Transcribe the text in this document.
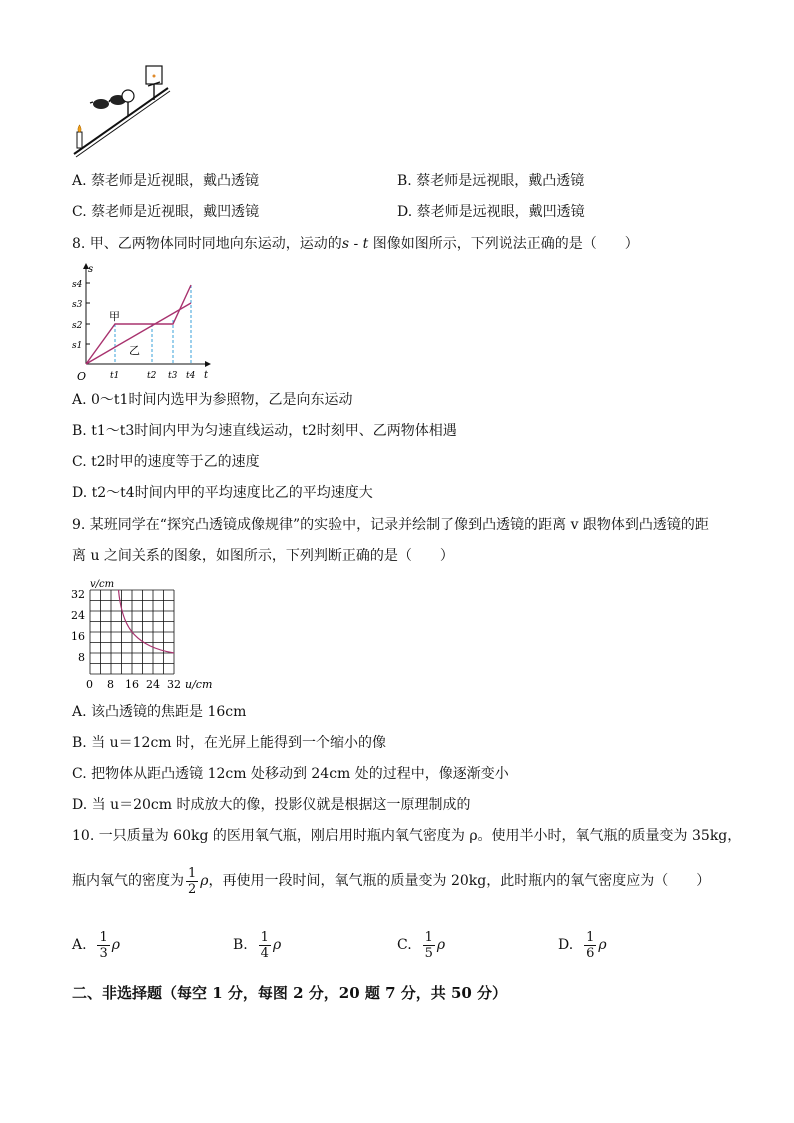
A. 蔡老师是近视眼，戴凸透镜	B. 蔡老师是远视眼，戴凸透镜
C. 蔡老师是近视眼，戴凹透镜	D. 蔡老师是远视眼，戴凹透镜
8. 甲、乙两物体同时同地向东运动，运动的s - t 图像如图所示，下列说法正确的是（　　）
s
t
O
s4
s3
s2
s1
甲
乙
t1	t2 t3 t4
A. 0～t1时间内选甲为参照物，乙是向东运动
B. t1～t3时间内甲为匀速直线运动，t2时刻甲、乙两物体相遇
C. t2时甲的速度等于乙的速度
D. t2～t4时间内甲的平均速度比乙的平均速度大
9. 某班同学在“探究凸透镜成像规律”的实验中，记录并绘制了像到凸透镜的距离 v 跟物体到凸透镜的距
离 u 之间关系的图象，如图所示，下列判断正确的是（　　）
v/cm
32
24
16
8
0 8 16 24 32 u/cm
A. 该凸透镜的焦距是 16cm
B. 当 u＝12cm 时，在光屏上能得到一个缩小的像
C. 把物体从距凸透镜 12cm 处移动到 24cm 处的过程中，像逐渐变小
D. 当 u＝20cm 时成放大的像，投影仪就是根据这一原理制成的
10. 一只质量为 60kg 的医用氧气瓶，刚启用时瓶内氧气密度为 ρ。使用半小时，氧气瓶的质量变为 35kg，
瓶内氧气的密度为 $\frac{1}{2}$ ρ，再使用一段时间，氧气瓶的质量变为 20kg，此时瓶内的氧气密度应为（　　）
A. $\frac{1}{3}$ ρ	B. $\frac{1}{4}$ ρ	C. $\frac{1}{5}$ ρ	D. $\frac{1}{6}$ ρ
二、非选择题（每空 1 分，每图 2 分，20 题 7 分，共 50 分）
